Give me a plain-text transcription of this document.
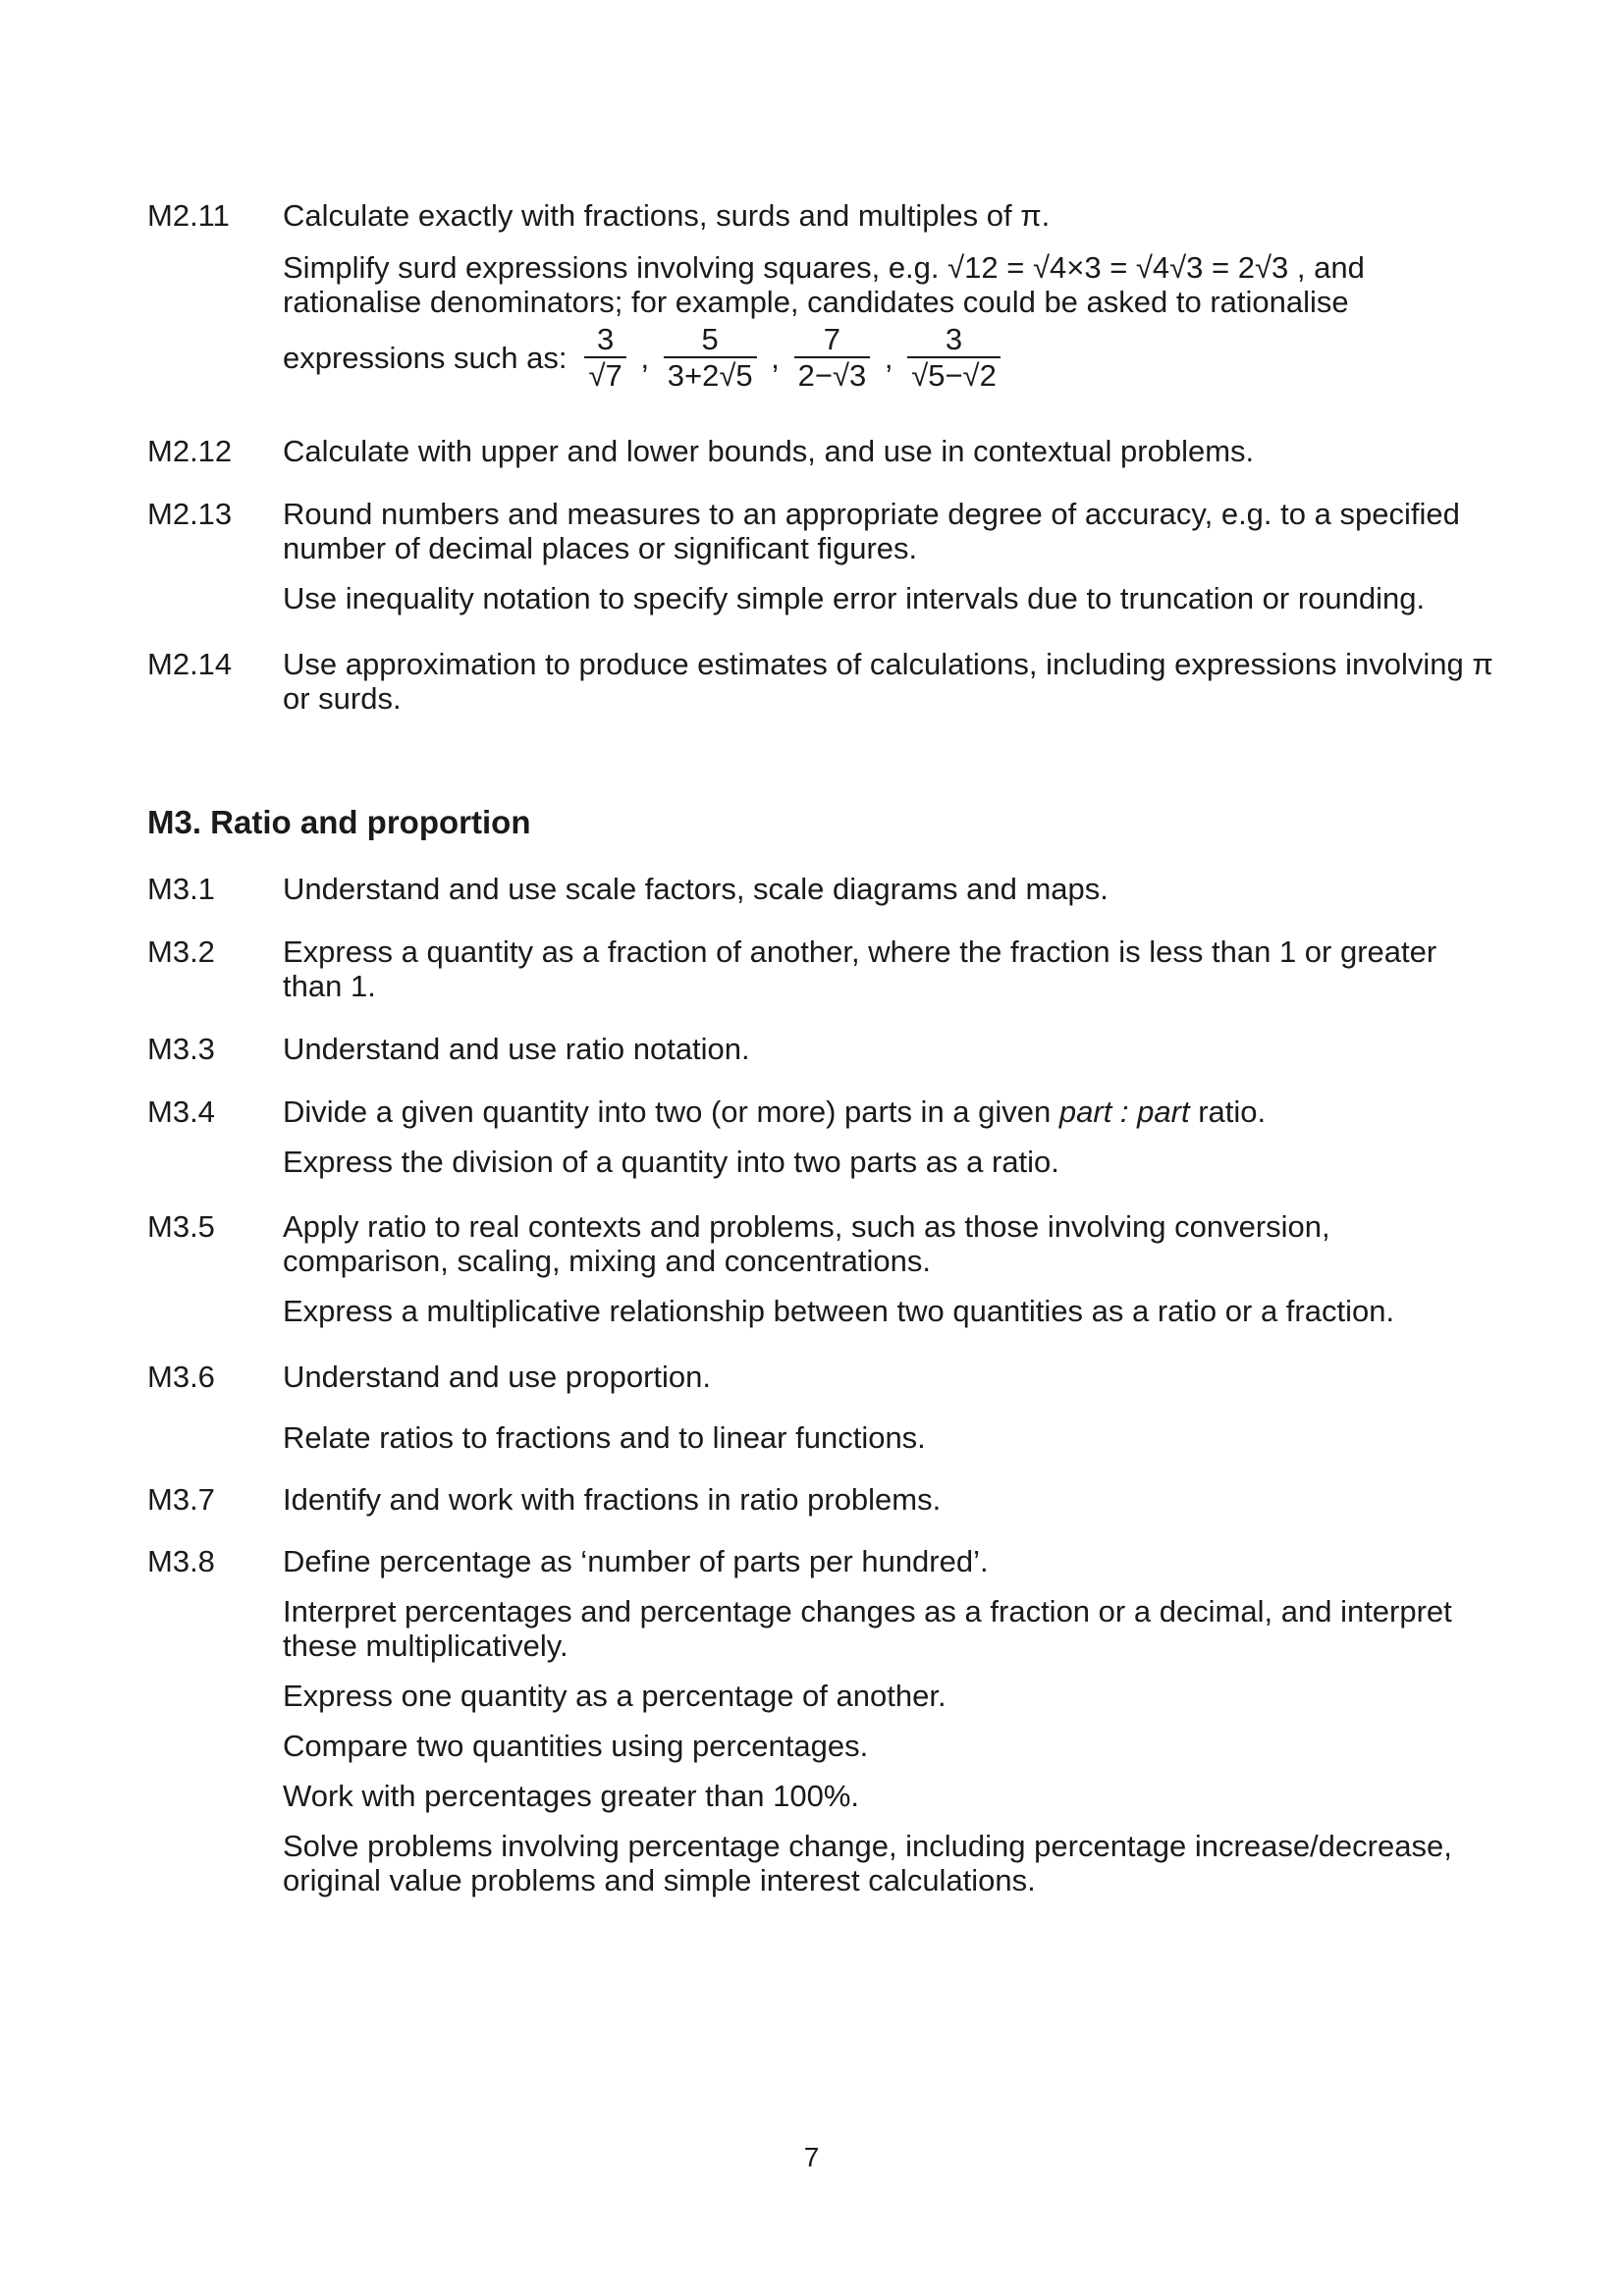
M2.11	Calculate exactly with fractions, surds and multiples of π.

Simplify surd expressions involving squares, e.g. √12 = √4×3 = √4√3 = 2√3 , and

rationalise denominators; for example, candidates could be asked to rationalise

expressions such as: $\frac{3}{√7}$ , $\frac{5}{3+2√5}$ , $\frac{7}{2-√3}$ , $\frac{3}{√5-√2}$
M2.12	Calculate with upper and lower bounds, and use in contextual problems.

M2.13	Round numbers and measures to an appropriate degree of accuracy, e.g. to a specified number of decimal places or significant figures.

Use inequality notation to specify simple error intervals due to truncation or rounding.

M2.14	Use approximation to produce estimates of calculations, including expressions involving π or surds.

M3. Ratio and proportion
M3.1	Understand and use scale factors, scale diagrams and maps.

M3.2	Express a quantity as a fraction of another, where the fraction is less than 1 or greater than 1.

M3.3	Understand and use ratio notation.

M3.4	Divide a given quantity into two (or more) parts in a given part : part ratio.

Express the division of a quantity into two parts as a ratio.

M3.5	Apply ratio to real contexts and problems, such as those involving conversion, comparison, scaling, mixing and concentrations.

Express a multiplicative relationship between two quantities as a ratio or a fraction.

M3.6	Understand and use proportion.

Relate ratios to fractions and to linear functions.

M3.7	Identify and work with fractions in ratio problems.

M3.8	Define percentage as ‘number of parts per hundred’.

Interpret percentages and percentage changes as a fraction or a decimal, and interpret these multiplicatively.

Express one quantity as a percentage of another.

Compare two quantities using percentages.

Work with percentages greater than 100%.

Solve problems involving percentage change, including percentage increase/decrease, original value problems and simple interest calculations.

7
